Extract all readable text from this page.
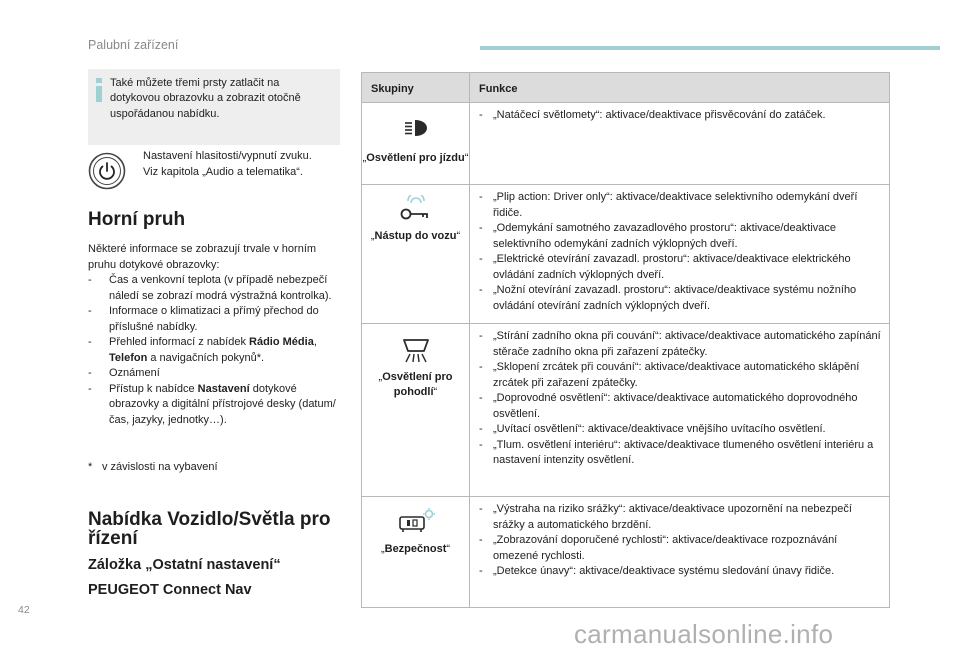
Palubní zařízení
Také můžete třemi prsty zatlačit na dotykovou obrazovku a zobrazit otočně uspořádanou nabídku.
Nastavení hlasitosti/vypnutí zvuku.
Viz kapitola „Audio a telematika“.
Horní pruh

Některé informace se zobrazují trvale v horním pruhu dotykové obrazovky:

- Čas a venkovní teplota (v případě nebezpečí náledí se zobrazí modrá výstražná kontrolka).
- Informace o klimatizaci a přímý přechod do příslušné nabídky.
- Přehled informací z nabídek Rádio Média, Telefon a navigačních pokynů*.
- Oznámení
- Přístup k nabídce Nastavení dotykové obrazovky a digitální přístrojové desky (datum/čas, jazyky, jednotky…).
* v závislosti na vybavení
Nabídka Vozidlo/Světla pro řízení
Záložka „Ostatní nastavení“
PEUGEOT Connect Nav
Skupiny	Funkce
„Osvětlení pro jízdu“
- „Natáčecí světlomety“: aktivace/deaktivace přisvěcování do zatáček.
„Nástup do vozu“
- „Plip action: Driver only“: aktivace/deaktivace selektivního odemykání dveří řidiče.
- „Odemykání samotného zavazadlového prostoru“: aktivace/deaktivace selektivního odemykání zadních výklopných dveří.
- „Elektrické otevírání zavazadl. prostoru“: aktivace/deaktivace elektrického ovládání zadních výklopných dveří.
- „Nožní otevírání zavazadl. prostoru“: aktivace/deaktivace systému nožního ovládání otevírání zadních výklopných dveří.
„Osvětlení pro pohodlí“
- „Stírání zadního okna při couvání“: aktivace/deaktivace automatického zapínání stěrače zadního okna při zařazení zpátečky.
- „Sklopení zrcátek při couvání“: aktivace/deaktivace automatického sklápění zrcátek při zařazení zpátečky.
- „Doprovodné osvětlení“: aktivace/deaktivace automatického doprovodného osvětlení.
- „Uvítací osvětlení“: aktivace/deaktivace vnějšího uvítacího osvětlení.
- „Tlum. osvětlení interiéru“: aktivace/deaktivace tlumeného osvětlení interiéru a nastavení intenzity osvětlení.
„Bezpečnost“
- „Výstraha na riziko srážky“: aktivace/deaktivace upozornění na nebezpečí srážky a automatického brzdění.
- „Zobrazování doporučené rychlosti“: aktivace/deaktivace rozpoznávání omezené rychlosti.
- „Detekce únavy“: aktivace/deaktivace systému sledování únavy řidiče.
42
carmanualsonline.info
